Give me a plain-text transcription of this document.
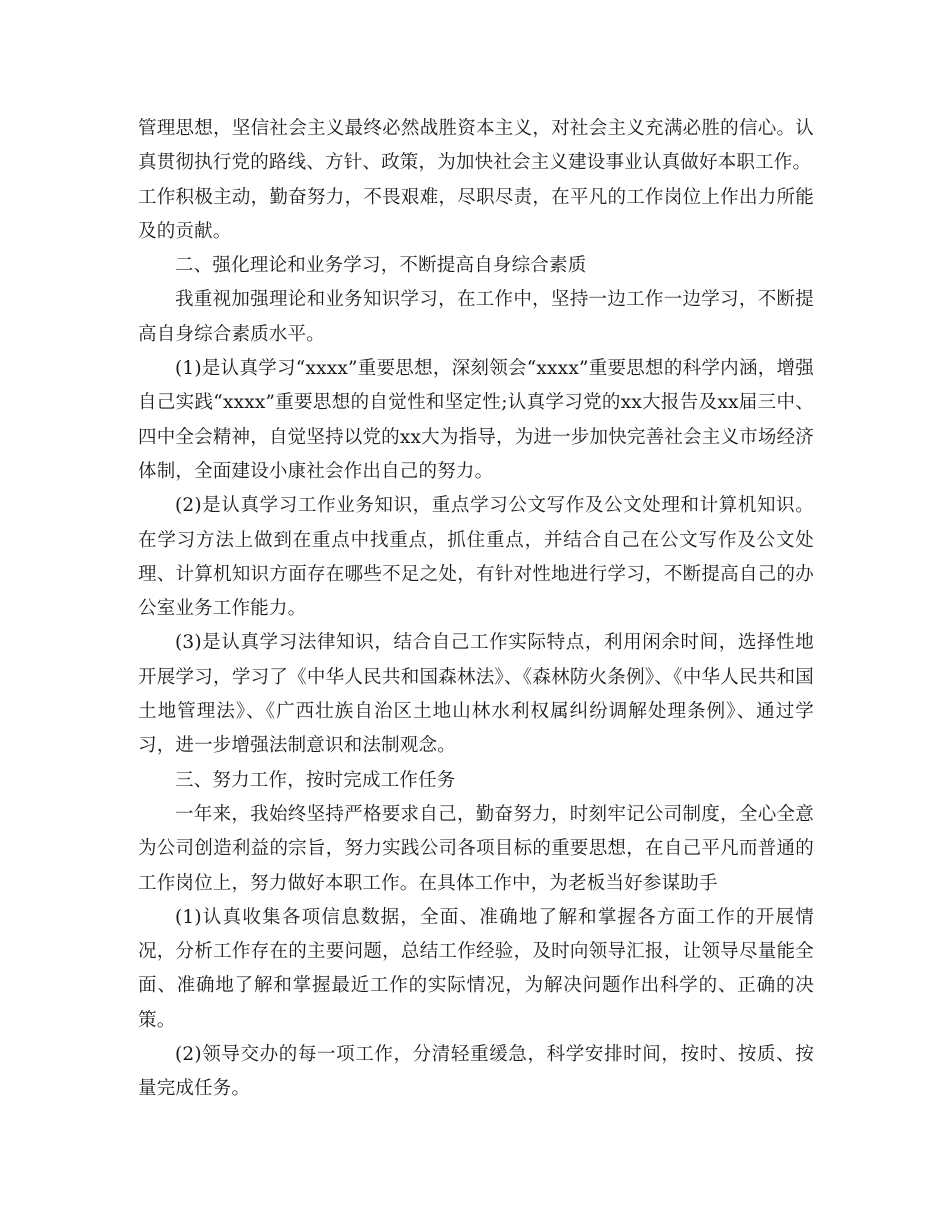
管理思想，坚信社会主义最终必然战胜资本主义，对社会主义充满必胜的信心。认真贯彻执行党的路线、方针、政策，为加快社会主义建设事业认真做好本职工作。

工作积极主动，勤奋努力，不畏艰难，尽职尽责，在平凡的工作岗位上作出力所能及的贡献。

二、强化理论和业务学习，不断提高自身综合素质

我重视加强理论和业务知识学习，在工作中，坚持一边工作一边学习，不断提高自身综合素质水平。

(1)是认真学习“xxxx”重要思想，深刻领会“xxxx”重要思想的科学内涵，增强自己实践“xxxx”重要思想的自觉性和坚定性;认真学习党的xx大报告及xx届三中、四中全会精神，自觉坚持以党的xx大为指导，为进一步加快完善社会主义市场经济体制，全面建设小康社会作出自己的努力。

(2)是认真学习工作业务知识，重点学习公文写作及公文处理和计算机知识。在学习方法上做到在重点中找重点，抓住重点，并结合自己在公文写作及公文处理、计算机知识方面存在哪些不足之处，有针对性地进行学习，不断提高自己的办公室业务工作能力。

(3)是认真学习法律知识，结合自己工作实际特点，利用闲余时间，选择性地开展学习，学习了《中华人民共和国森林法》、《森林防火条例》、《中华人民共和国土地管理法》、《广西壮族自治区土地山林水利权属纠纷调解处理条例》、通过学习，进一步增强法制意识和法制观念。

三、努力工作，按时完成工作任务

一年来，我始终坚持严格要求自己，勤奋努力，时刻牢记公司制度，全心全意为公司创造利益的宗旨，努力实践公司各项目标的重要思想，在自己平凡而普通的工作岗位上，努力做好本职工作。在具体工作中，为老板当好参谋助手

(1)认真收集各项信息数据，全面、准确地了解和掌握各方面工作的开展情况，分析工作存在的主要问题，总结工作经验，及时向领导汇报，让领导尽量能全面、准确地了解和掌握最近工作的实际情况，为解决问题作出科学的、正确的决策。

(2)领导交办的每一项工作，分清轻重缓急，科学安排时间，按时、按质、按量完成任务。
